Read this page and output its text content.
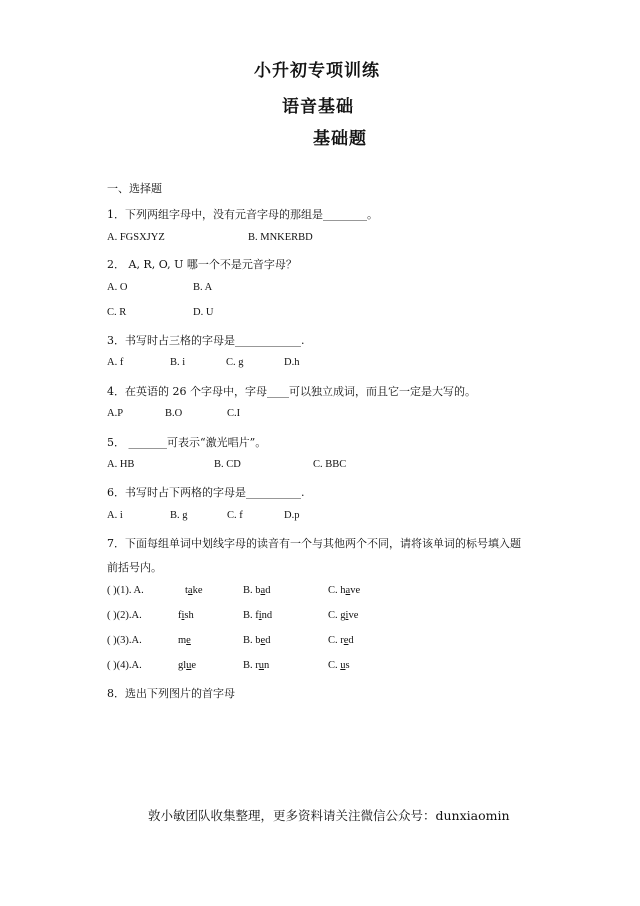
小升初专项训练
语音基础
基础题
一、选择题
1．下列两组字母中，没有元音字母的那组是________。
A. FGSXJYZ	B. MNKERBD
2． A, R, O, U 哪一个不是元音字母？
A. O	B. A
C. R	D. U
3．书写时占三格的字母是____________.
A. f	B. i	C. g	D.h
4．在英语的 26 个字母中，字母____可以独立成词，而且它一定是大写的。
A.P	B.O	C.I
5． _______可表示“激光唱片”。
A. HB	B. CD	C. BBC
6．书写时占下两格的字母是__________.
A. i	B. g	C. f	D.p
7．下面每组单词中划线字母的读音有一个与其他两个不同，请将该单词的标号填入题
前括号内。
( )(1). A.	take	B. bad	C. have
( )(2).A.	fish	B. find	C. give
( )(3).A.	me	B. bed	C. red
( )(4).A.	glue	B. run	C. us
8．选出下列图片的首字母
敦小敏团队收集整理，更多资料请关注微信公众号：dunxiaomin
